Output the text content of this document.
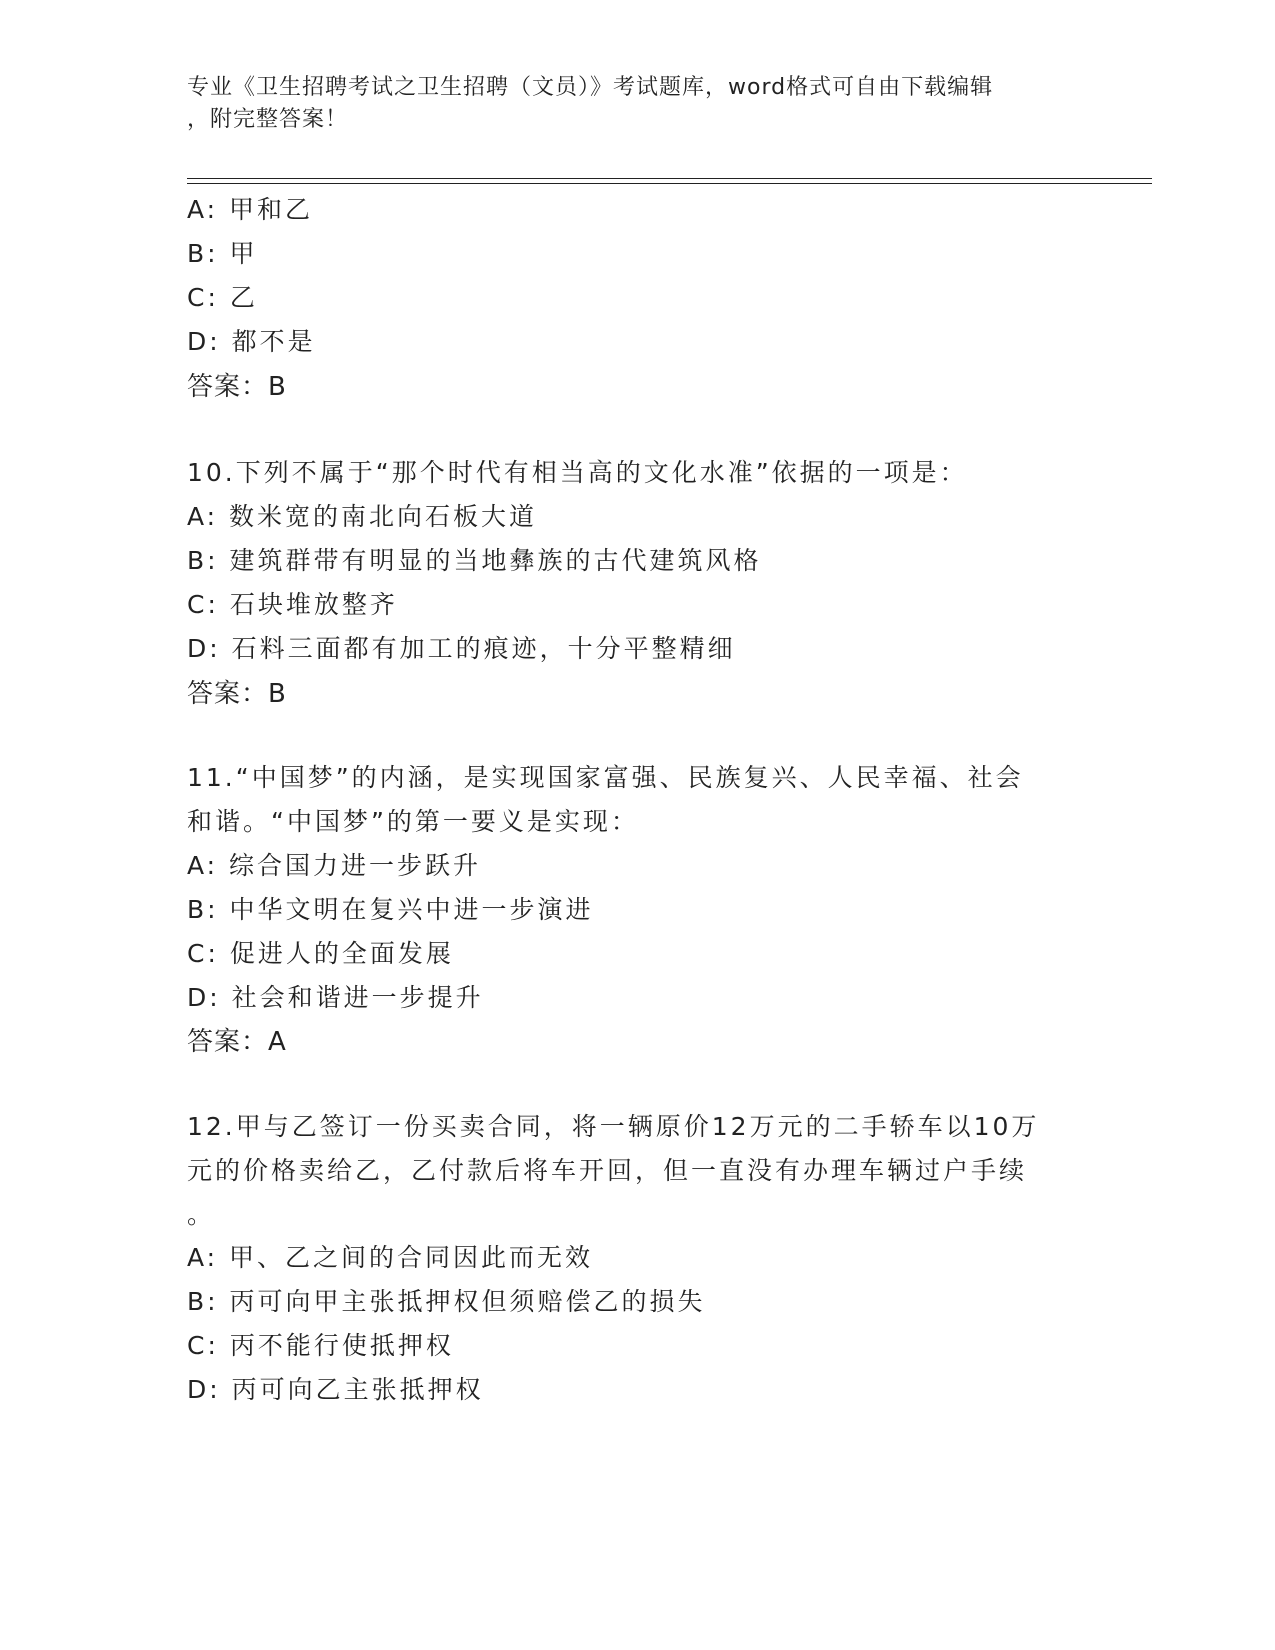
专业《卫生招聘考试之卫生招聘（文员）》考试题库，word格式可自由下载编辑
，附完整答案！
A: 甲和乙
B: 甲
C: 乙
D: 都不是
答案：B
10.下列不属于“那个时代有相当高的文化水准”依据的一项是：
A: 数米宽的南北向石板大道
B: 建筑群带有明显的当地彝族的古代建筑风格
C: 石块堆放整齐
D: 石料三面都有加工的痕迹，十分平整精细
答案：B
11.“中国梦”的内涵，是实现国家富强、民族复兴、人民幸福、社会
和谐。“中国梦”的第一要义是实现：
A: 综合国力进一步跃升
B: 中华文明在复兴中进一步演进
C: 促进人的全面发展
D: 社会和谐进一步提升
答案：A
12.甲与乙签订一份买卖合同，将一辆原价12万元的二手轿车以10万
元的价格卖给乙，乙付款后将车开回，但一直没有办理车辆过户手续
。
A: 甲、乙之间的合同因此而无效
B: 丙可向甲主张抵押权但须赔偿乙的损失
C: 丙不能行使抵押权
D: 丙可向乙主张抵押权
